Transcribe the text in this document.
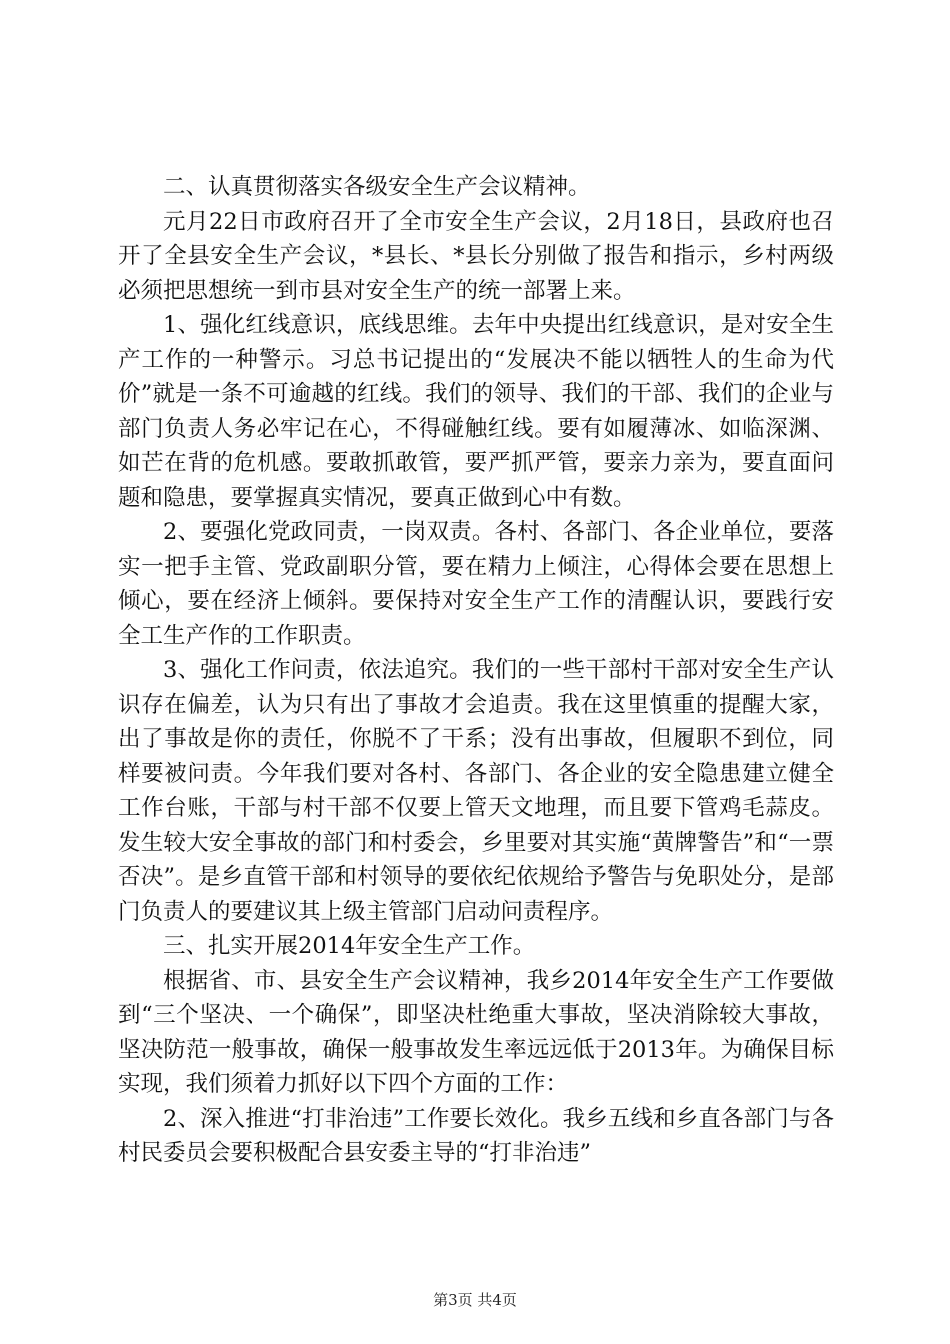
二、认真贯彻落实各级安全生产会议精神。

元月22日市政府召开了全市安全生产会议，2月18日，县政府也召开了全县安全生产会议，*县长、*县长分别做了报告和指示，乡村两级必须把思想统一到市县对安全生产的统一部署上来。

1、强化红线意识，底线思维。去年中央提出红线意识，是对安全生产工作的一种警示。习总书记提出的“发展决不能以牺牲人的生命为代价”就是一条不可逾越的红线。我们的领导、我们的干部、我们的企业与部门负责人务必牢记在心，不得碰触红线。要有如履薄冰、如临深渊、如芒在背的危机感。要敢抓敢管，要严抓严管，要亲力亲为，要直面问题和隐患，要掌握真实情况，要真正做到心中有数。

2、要强化党政同责，一岗双责。各村、各部门、各企业单位，要落实一把手主管、党政副职分管，要在精力上倾注，心得体会要在思想上倾心，要在经济上倾斜。要保持对安全生产工作的清醒认识，要践行安全工生产作的工作职责。

3、强化工作问责，依法追究。我们的一些干部村干部对安全生产认识存在偏差，认为只有出了事故才会追责。我在这里慎重的提醒大家，出了事故是你的责任，你脱不了干系；没有出事故，但履职不到位，同样要被问责。今年我们要对各村、各部门、各企业的安全隐患建立健全工作台账，干部与村干部不仅要上管天文地理，而且要下管鸡毛蒜皮。发生较大安全事故的部门和村委会，乡里要对其实施“黄牌警告”和“一票否决”。是乡直管干部和村领导的要依纪依规给予警告与免职处分，是部门负责人的要建议其上级主管部门启动问责程序。

三、扎实开展2014年安全生产工作。

根据省、市、县安全生产会议精神，我乡2014年安全生产工作要做到“三个坚决、一个确保”，即坚决杜绝重大事故，坚决消除较大事故，坚决防范一般事故，确保一般事故发生率远远低于2013年。为确保目标实现，我们须着力抓好以下四个方面的工作：

2、深入推进“打非治违”工作要长效化。我乡五线和乡直各部门与各村民委员会要积极配合县安委主导的“打非治违”

第3页 共4页
